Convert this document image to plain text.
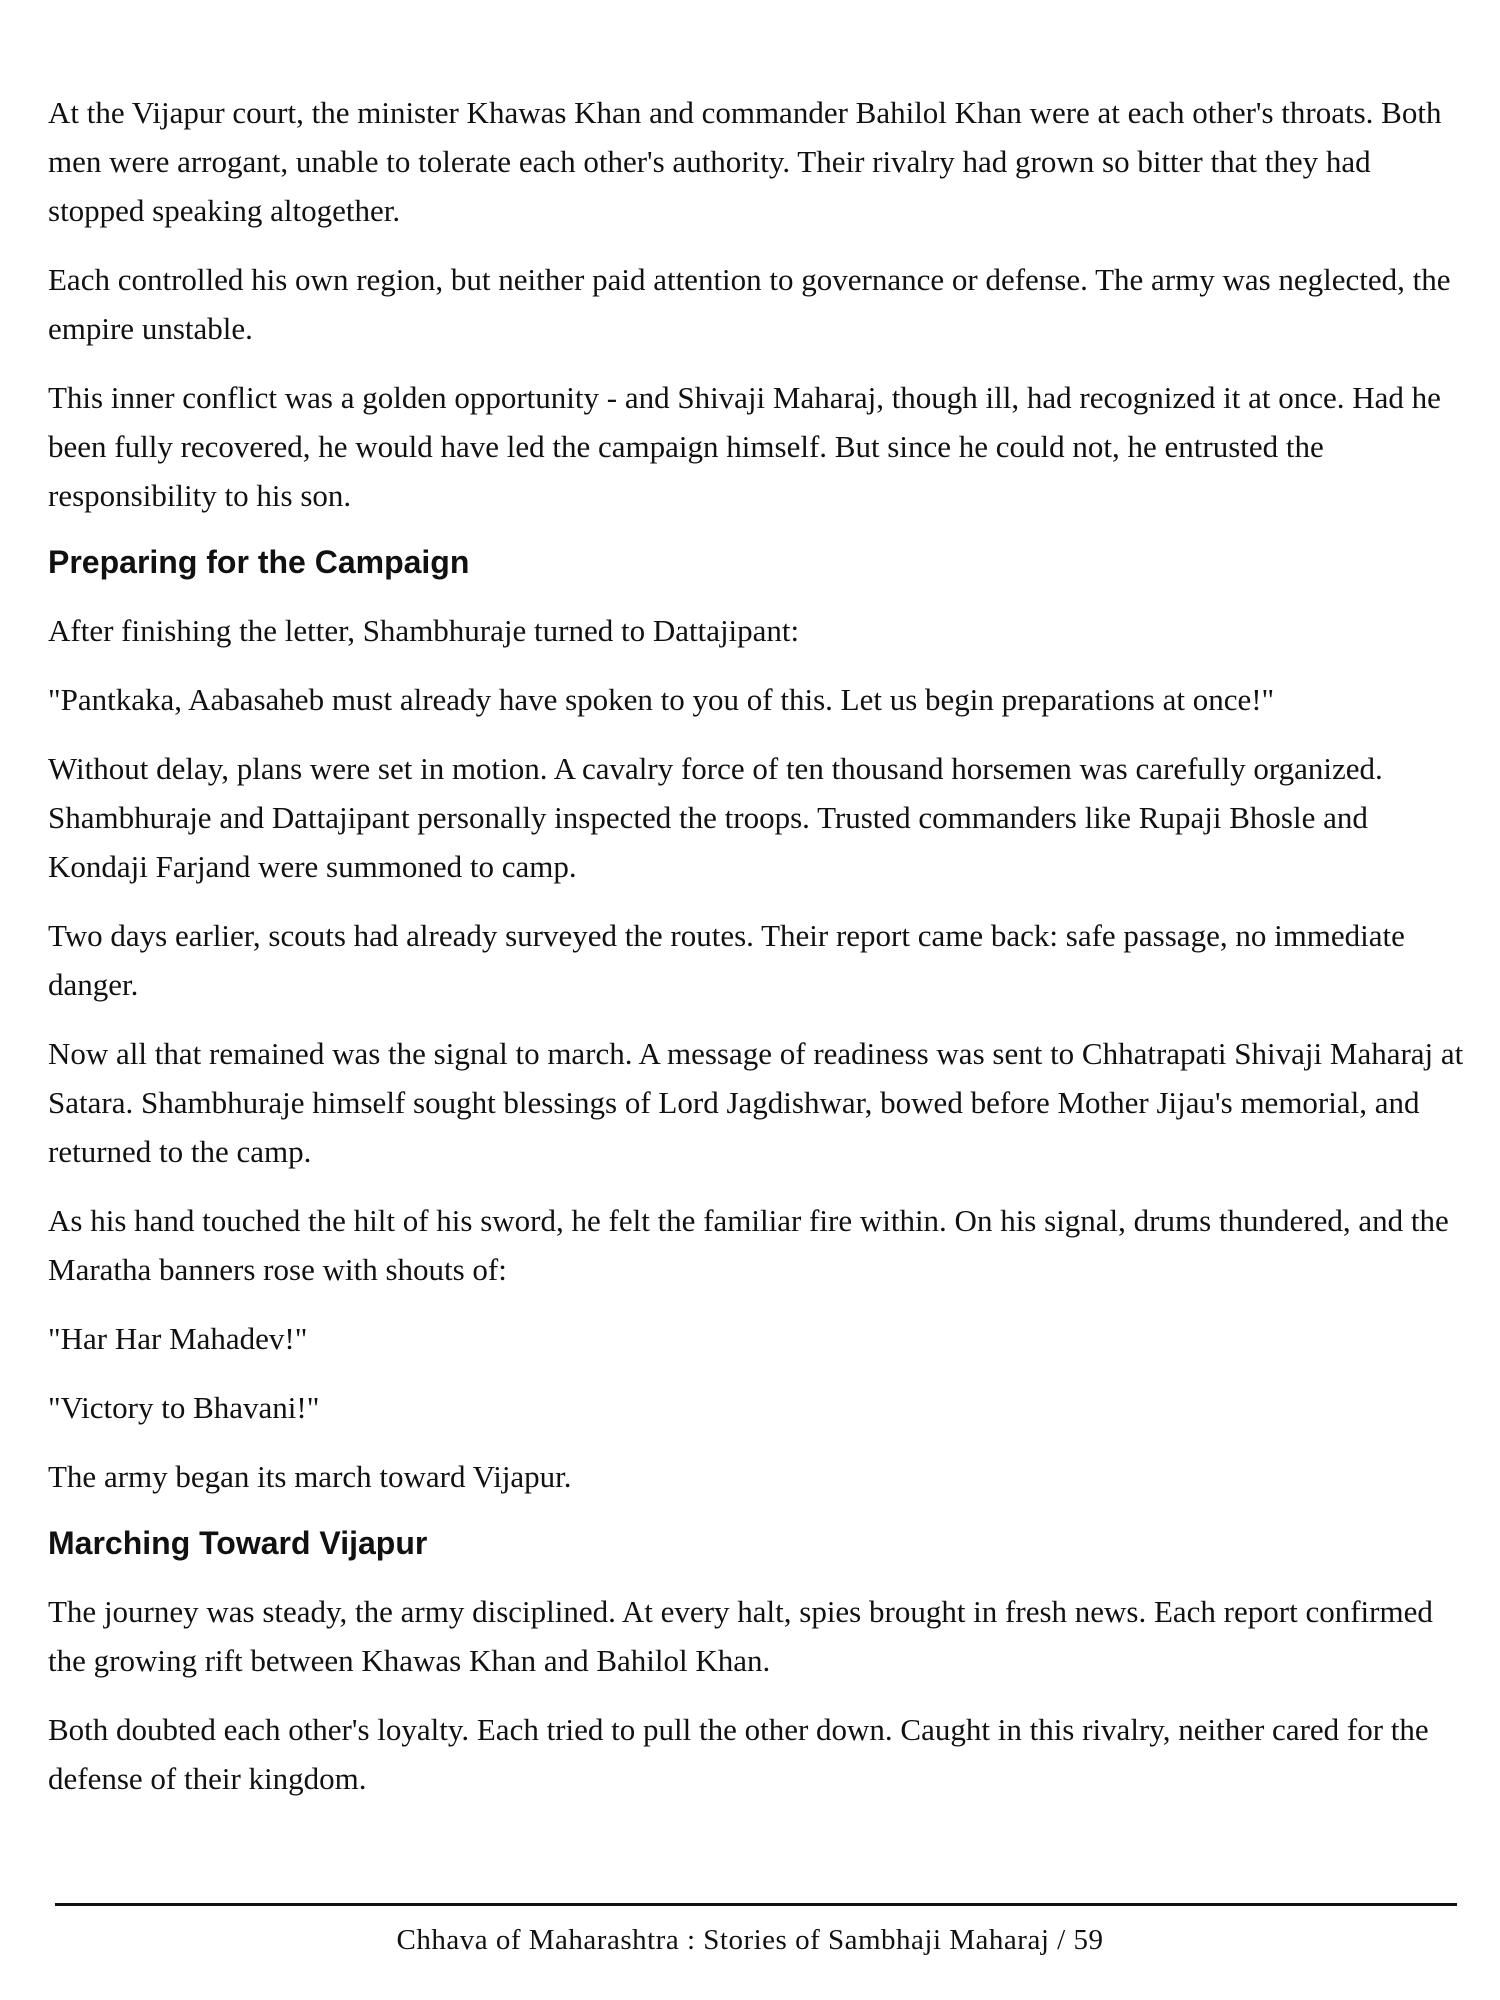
At the Vijapur court, the minister Khawas Khan and commander Bahilol Khan were at each other's throats. Both men were arrogant, unable to tolerate each other's authority. Their rivalry had grown so bitter that they had stopped speaking altogether.

Each controlled his own region, but neither paid attention to governance or defense. The army was neglected, the empire unstable.

This inner conflict was a golden opportunity - and Shivaji Maharaj, though ill, had recognized it at once. Had he been fully recovered, he would have led the campaign himself. But since he could not, he entrusted the responsibility to his son.

Preparing for the Campaign

After finishing the letter, Shambhuraje turned to Dattajipant:

"Pantkaka, Aabasaheb must already have spoken to you of this. Let us begin preparations at once!"

Without delay, plans were set in motion. A cavalry force of ten thousand horsemen was carefully organized. Shambhuraje and Dattajipant personally inspected the troops. Trusted commanders like Rupaji Bhosle and Kondaji Farjand were summoned to camp.

Two days earlier, scouts had already surveyed the routes. Their report came back: safe passage, no immediate danger.

Now all that remained was the signal to march. A message of readiness was sent to Chhatrapati Shivaji Maharaj at Satara. Shambhuraje himself sought blessings of Lord Jagdishwar, bowed before Mother Jijau's memorial, and returned to the camp.

As his hand touched the hilt of his sword, he felt the familiar fire within. On his signal, drums thundered, and the Maratha banners rose with shouts of:

"Har Har Mahadev!"

"Victory to Bhavani!"

The army began its march toward Vijapur.

Marching Toward Vijapur

The journey was steady, the army disciplined. At every halt, spies brought in fresh news. Each report confirmed the growing rift between Khawas Khan and Bahilol Khan.

Both doubted each other's loyalty. Each tried to pull the other down. Caught in this rivalry, neither cared for the defense of their kingdom.

Chhava of Maharashtra : Stories of Sambhaji Maharaj / 59
